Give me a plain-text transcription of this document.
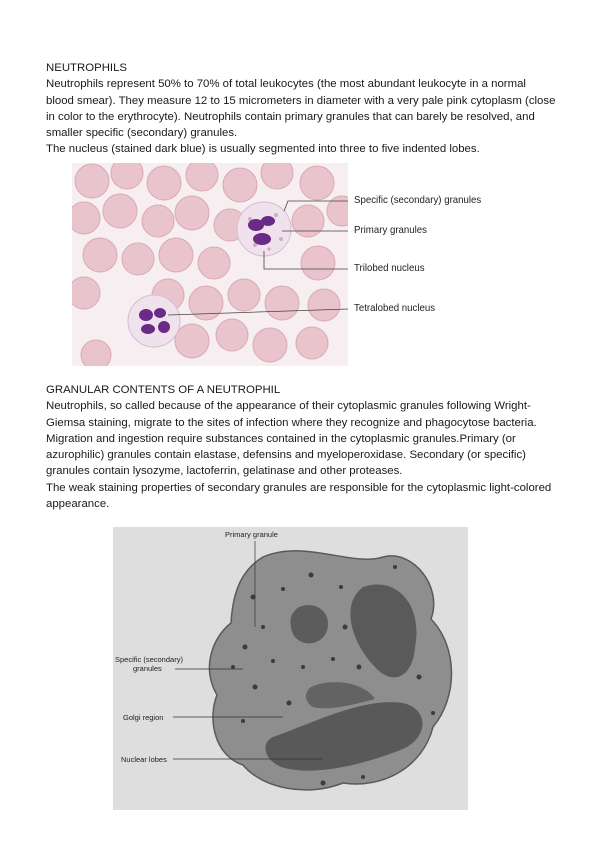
NEUTROPHILS
Neutrophils represent 50% to 70% of total leukocytes (the most abundant leukocyte in a normal blood smear). They measure 12 to 15 micrometers in diameter with a very pale pink cytoplasm (close in color to the erythrocyte). Neutrophils contain primary granules that can barely be resolved, and smaller specific (secondary) granules.
The nucleus (stained dark blue) is usually segmented into three to five indented lobes.
Specific (secondary) granules
Primary granules
Trilobed nucleus
Tetralobed nucleus
GRANULAR CONTENTS OF A NEUTROPHIL
Neutrophils, so called because of the appearance of their cytoplasmic granules following Wright-Giemsa staining, migrate to the sites of infection where they recognize and phagocytose bacteria. Migration and ingestion require substances contained in the cytoplasmic granules.Primary (or azurophilic) granules contain elastase, defensins and myeloperoxidase. Secondary (or specific) granules contain lysozyme, lactoferrin, gelatinase and other proteases.
The weak staining properties of secondary granules are responsible for the cytoplasmic light-colored appearance.
Primary granule
Specific (secondary)
granules
Golgi region
Nuclear lobes
